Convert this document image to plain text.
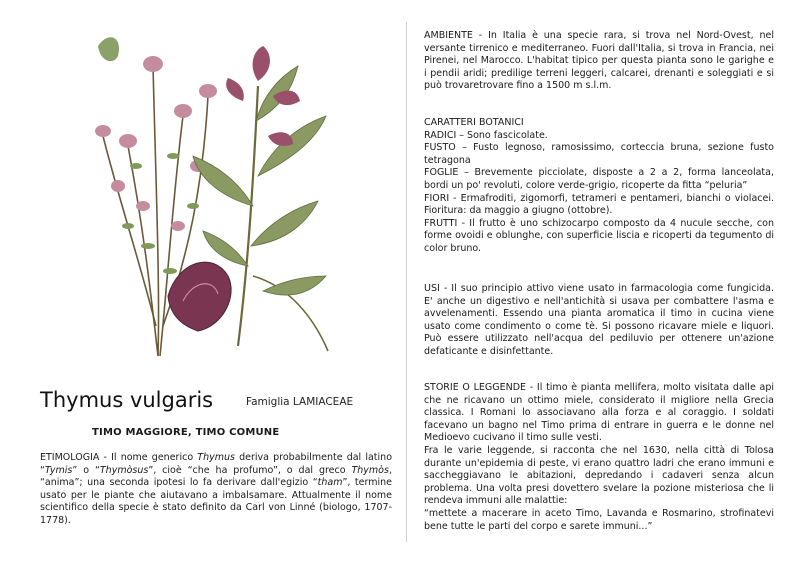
Thymus vulgaris	Famiglia LAMIACEAE
TIMO MAGGIORE, TIMO COMUNE
ETIMOLOGIA - Il nome generico Thymus deriva probabilmente dal latino “Tymis” o “Thymòsus”, cioè “che ha profumo”, o dal greco Thymòs, “anima”; una seconda ipotesi lo fa derivare dall'egizio “tham”, termine usato per le piante che aiutavano a imbalsamare. Attualmente il nome scientifico della specie è stato definito da Carl von Linné (biologo, 1707-1778).

AMBIENTE - In Italia è una specie rara, si trova nel Nord-Ovest, nel versante tirrenico e mediterraneo. Fuori dall'Italia, si trova in Francia, nei Pirenei, nel Marocco. L'habitat tipico per questa pianta sono le garighe e i pendii aridi; predilige terreni leggeri, calcarei, drenanti e soleggiati e si può trovaretrovare fino a 1500 m s.l.m.

CARATTERI BOTANICI

RADICI – Sono fascicolate.

FUSTO – Fusto legnoso, ramosissimo, corteccia bruna, sezione fusto tetragona

FOGLIE – Brevemente picciolate, disposte a 2 a 2, forma lanceolata, bordi un po' revoluti, colore verde-grigio, ricoperte da fitta “peluria”

FIORI - Ermafroditi, zigomorfi, tetrameri e pentameri, bianchi o violacei. Fioritura: da maggio a giugno (ottobre).

FRUTTI - Il frutto è uno schizocarpo composto da 4 nucule secche, con forme ovoidi e oblunghe, con superficie liscia e ricoperti da tegumento di color bruno.

USI - Il suo principio attivo viene usato in farmacologia come fungicida. E' anche un digestivo e nell'antichità si usava per combattere l'asma e avvelenamenti. Essendo una pianta aromatica il timo in cucina viene usato come condimento o come tè. Si possono ricavare miele e liquori. Può essere utilizzato nell'acqua del pediluvio per ottenere un'azione defaticante e disinfettante.

STORIE O LEGGENDE - Il timo è pianta mellifera, molto visitata dalle api che ne ricavano un ottimo miele, considerato il migliore nella Grecia classica. I Romani lo associavano alla forza e al coraggio. I soldati facevano un bagno nel Timo prima di entrare in guerra e le donne nel Medioevo cucivano il timo sulle vesti.

Fra le varie leggende, si racconta che nel 1630, nella città di Tolosa durante un'epidemia di peste, vi erano quattro ladri che erano immuni e saccheggiavano le abitazioni, depredando i cadaveri senza alcun problema. Una volta presi dovettero svelare la pozione misteriosa che li rendeva immuni alle malattie:

“mettete a macerare in aceto Timo, Lavanda e Rosmarino, strofinatevi bene tutte le parti del corpo e sarete immuni...”
